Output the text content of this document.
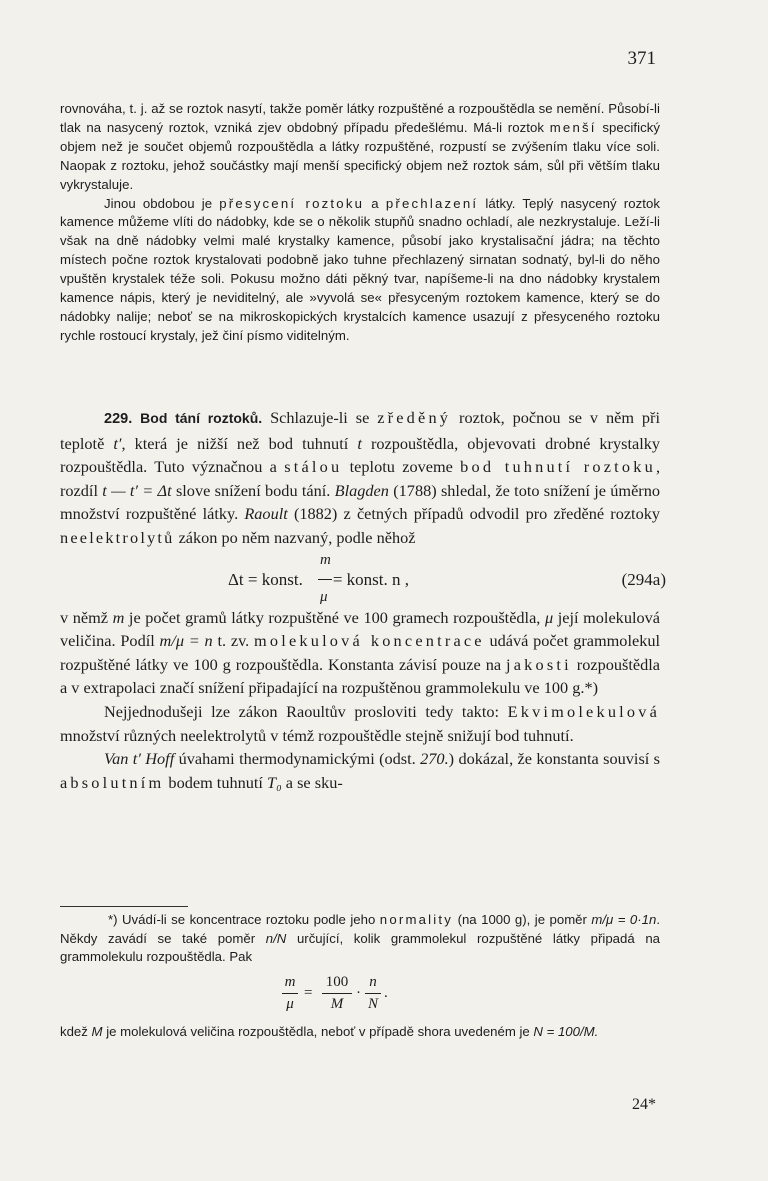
371

rovnováha, t. j. až se roztok nasytí, takže poměr látky rozpuštěné a rozpouštědla se nemění. Působí-li tlak na nasycený roztok, vzniká zjev obdobný případu předešlému. Má-li roztok menší specifický objem než je součet objemů rozpouštědla a látky rozpuštěné, rozpustí se zvýšením tlaku více soli. Naopak z roztoku, jehož součástky mají menší specifický objem než roztok sám, sůl při větším tlaku vykrystaluje.

Jinou obdobou je přesycení roztoku a přechlazení látky. Teplý nasycený roztok kamence můžeme vlíti do nádobky, kde se o několik stupňů snadno ochladí, ale nezkrystaluje. Leží-li však na dně nádobky velmi malé krystalky kamence, působí jako krystalisační jádra; na těchto místech počne roztok krystalovati podobně jako tuhne přechlazený sirnatan sodnatý, byl-li do něho vpuštěn krystalek téže soli. Pokusu možno dáti pěkný tvar, napíšeme-li na dno nádobky krystalem kamence nápis, který je neviditelný, ale »vyvolá se« přesyceným roztokem kamence, který se do nádobky nalije; neboť se na mikroskopických krystalcích kamence usazují z přesyceného roztoku rychle rostoucí krystaly, jež činí písmo viditelným.

229. Bod tání roztoků. Schlazuje-li se zředěný roztok, počnou se v něm při teplotě t′, která je nižší než bod tuhnutí t rozpouštědla, objevovati drobné krystalky rozpouštědla. Tuto význačnou a stálou teplotu zoveme bod tuhnutí roztoku, rozdíl t — t′ = Δt slove snížení bodu tání. Blagden (1788) shledal, že toto snížení je úměrno množství rozpuštěné látky. Raoult (1882) z četných případů odvodil pro zředěné roztoky neelektrolytů zákon po něm nazvaný, podle něhož

Δt = konst. = konst. n ,
m
μ
(294a)

v němž m je počet gramů látky rozpuštěné ve 100 gramech rozpouštědla, μ její molekulová veličina. Podíl m/μ = n t. zv. molekulová koncentrace udává počet grammolekul rozpuštěné látky ve 100 g rozpouštědla. Konstanta závisí pouze na jakosti rozpouštědla a v extrapolaci značí snížení připadající na rozpuštěnou grammolekulu ve 100 g.*)

Nejjednodušeji lze zákon Raoultův prosloviti tedy takto: Ekvimolekulová množství různých neelektrolytů v témž rozpouštědle stejně snižují bod tuhnutí.

Van t′ Hoff úvahami thermodynamickými (odst. 270.) dokázal, že konstanta souvisí s absolutním bodem tuhnutí T₀ a se sku-

*) Uvádí-li se koncentrace roztoku podle jeho normality (na 1000 g), je poměr m/μ = 0·1n. Někdy zavádí se také poměr n/N určující, kolik grammolekul rozpuštěné látky připadá na grammolekulu rozpouštědla. Pak

m
μ
=
100
M
·
n
N
.

kdež M je molekulová veličina rozpouštědla, neboť v případě shora uvedeném je N = 100/M.

24*
